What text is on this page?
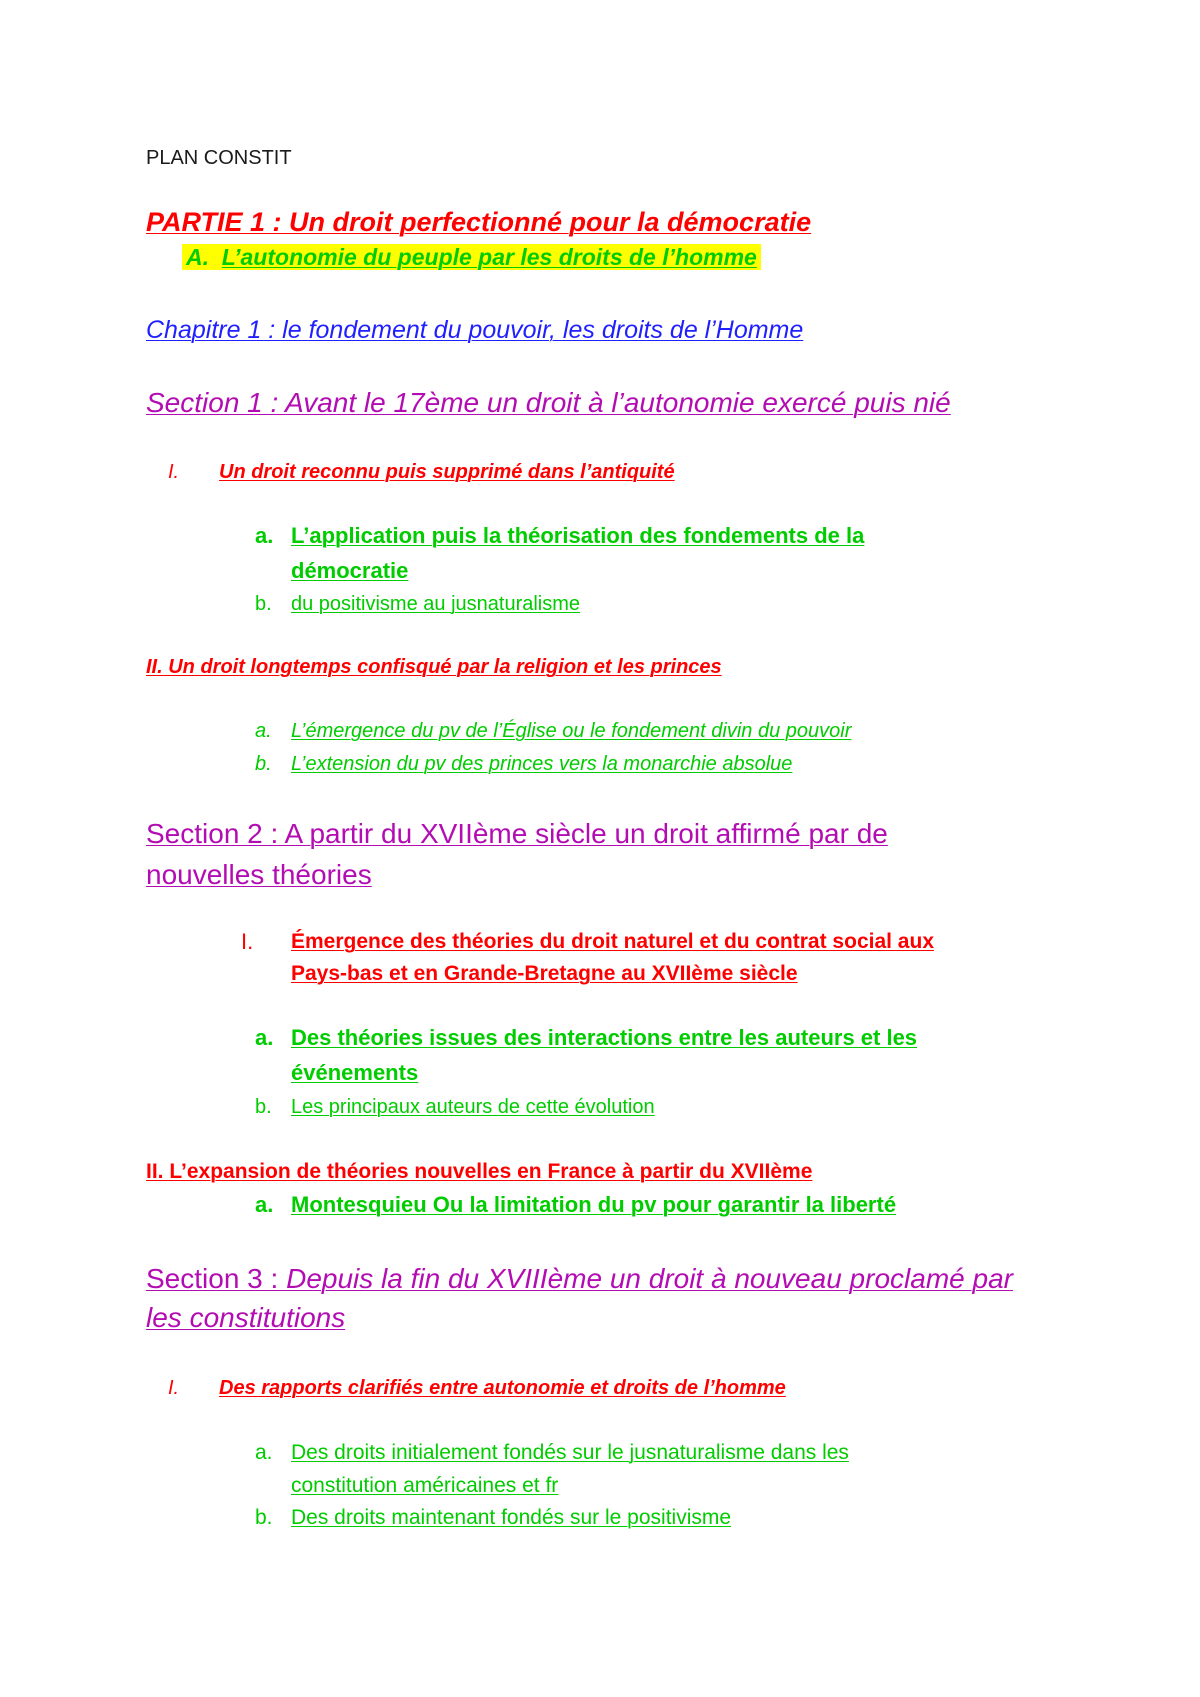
PLAN CONSTIT
PARTIE 1 : Un droit perfectionné pour la démocratie
A. L’autonomie du peuple par les droits de l’homme
Chapitre 1 : le fondement du pouvoir, les droits de l’Homme
Section 1 : Avant le 17ème un droit à l’autonomie exercé puis nié
I. Un droit reconnu puis supprimé dans l’antiquité
a. L’application puis la théorisation des fondements de la
démocratie
b. du positivisme au jusnaturalisme
II. Un droit longtemps confisqué par la religion et les princes
a. L’émergence du pv de l’Église ou le fondement divin du pouvoir
b. L’extension du pv des princes vers la monarchie absolue
Section 2 : A partir du XVIIème siècle un droit affirmé par de
nouvelles théories
I. Émergence des théories du droit naturel et du contrat social aux
Pays-bas et en Grande-Bretagne au XVIIème siècle
a. Des théories issues des interactions entre les auteurs et les
événements
b. Les principaux auteurs de cette évolution
II. L’expansion de théories nouvelles en France à partir du XVIIème
a. Montesquieu Ou la limitation du pv pour garantir la liberté
Section 3 : Depuis la fin du XVIIIème un droit à nouveau proclamé par
les constitutions
I. Des rapports clarifiés entre autonomie et droits de l’homme
a. Des droits initialement fondés sur le jusnaturalisme dans les
constitution américaines et fr
b. Des droits maintenant fondés sur le positivisme
